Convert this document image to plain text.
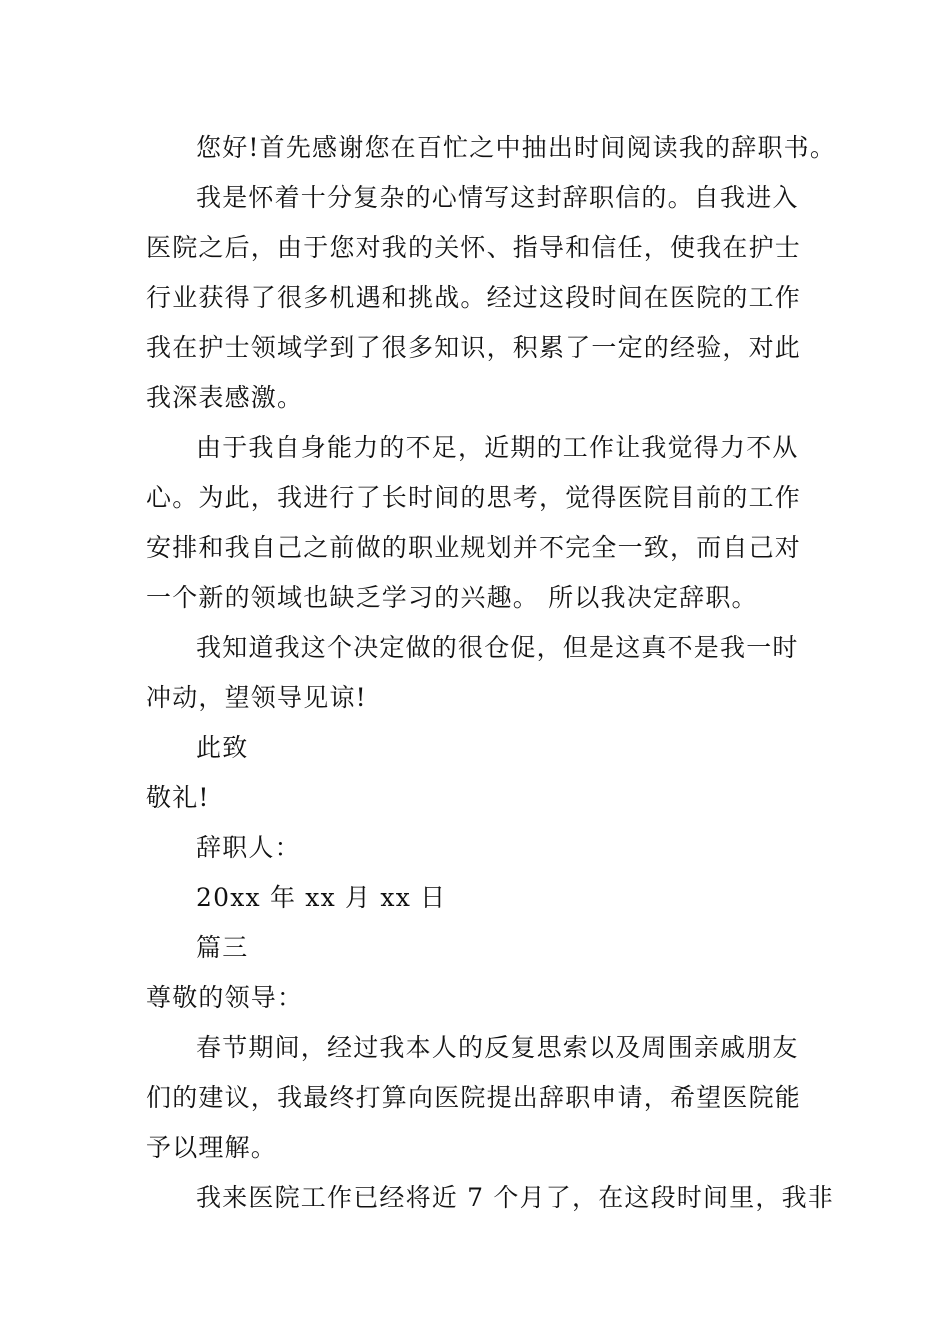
您好!首先感谢您在百忙之中抽出时间阅读我的辞职书。
我是怀着十分复杂的心情写这封辞职信的。自我进入
医院之后，由于您对我的关怀、指导和信任，使我在护士
行业获得了很多机遇和挑战。经过这段时间在医院的工作
我在护士领域学到了很多知识，积累了一定的经验，对此
我深表感激。
由于我自身能力的不足，近期的工作让我觉得力不从
心。为此，我进行了长时间的思考，觉得医院目前的工作
安排和我自己之前做的职业规划并不完全一致，而自己对
一个新的领域也缺乏学习的兴趣。 所以我决定辞职。
我知道我这个决定做的很仓促，但是这真不是我一时
冲动，望领导见谅!
此致
敬礼!
辞职人：
20xx 年 xx 月 xx 日
篇三
尊敬的领导：
春节期间，经过我本人的反复思索以及周围亲戚朋友
们的建议，我最终打算向医院提出辞职申请，希望医院能
予以理解。
我来医院工作已经将近 7 个月了，在这段时间里，我非
